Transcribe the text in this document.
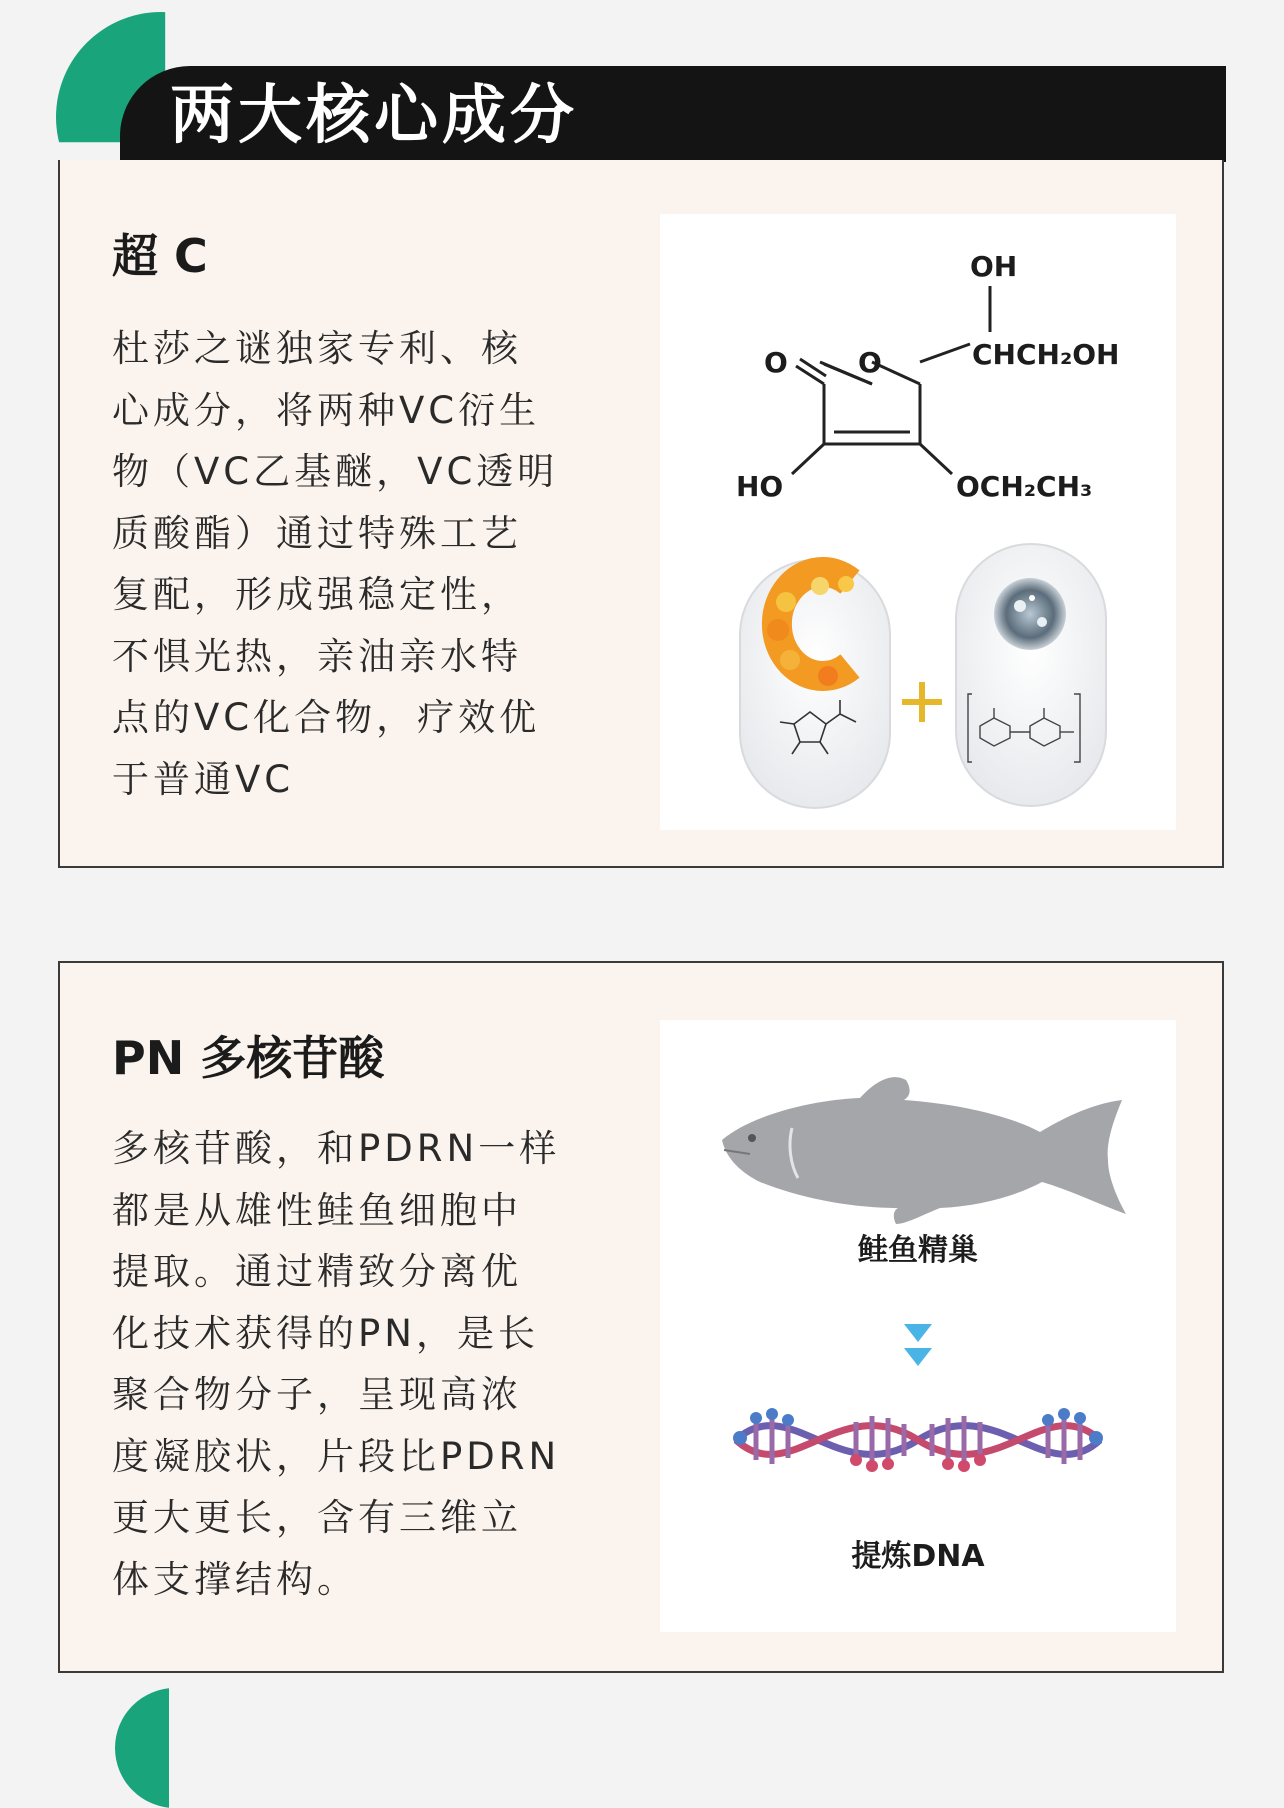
两大核心成分
超 C
杜莎之谜独家专利、核
心成分，将两种VC衍生
物（VC乙基醚，VC透明
质酸酯）通过特殊工艺
复配，形成强稳定性，
不惧光热，亲油亲水特
点的VC化合物，疗效优
于普通VC
OH
O	O	CHCH₂OH
HO	OCH₂CH₃
PN 多核苷酸
多核苷酸，和PDRN一样
都是从雄性鲑鱼细胞中
提取。通过精致分离优
化技术获得的PN，是长
聚合物分子，呈现高浓
度凝胶状，片段比PDRN
更大更长，含有三维立
体支撑结构。
鲑鱼精巢
提炼DNA
